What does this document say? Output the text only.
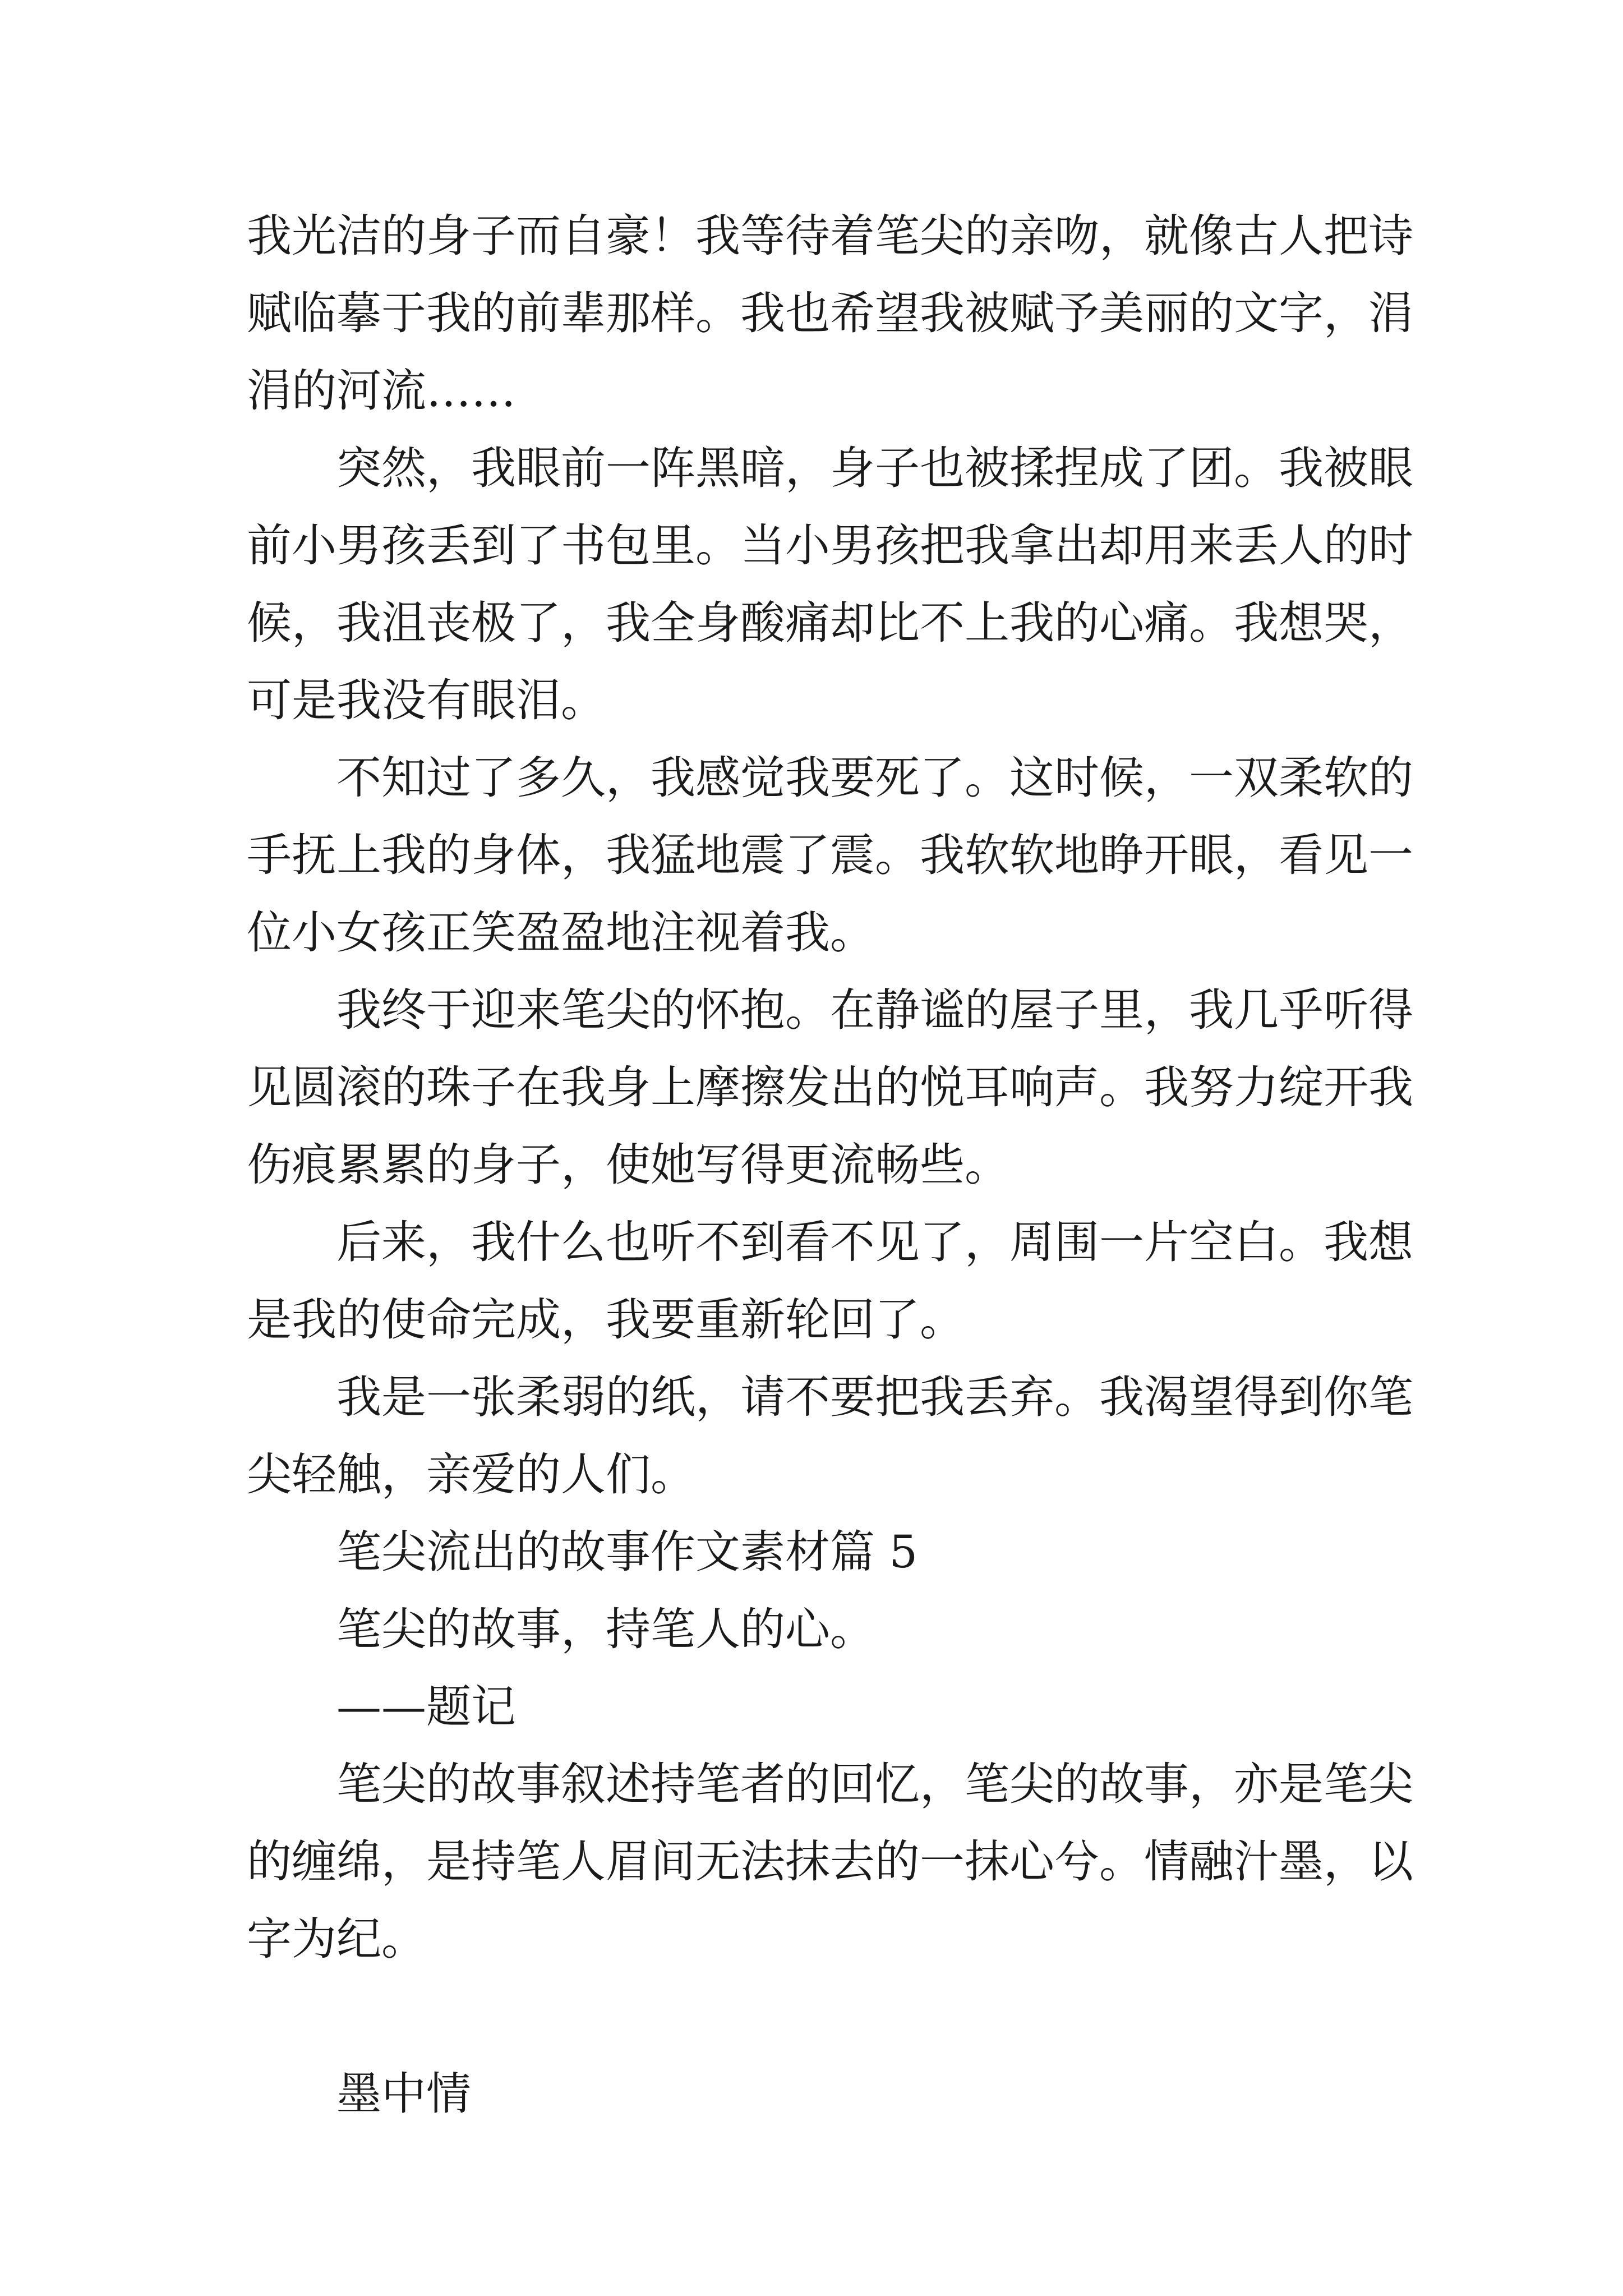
我光洁的身子而自豪！我等待着笔尖的亲吻，就像古人把诗
赋临摹于我的前辈那样。我也希望我被赋予美丽的文字，涓
涓的河流……
突然，我眼前一阵黑暗，身子也被揉捏成了团。我被眼
前小男孩丢到了书包里。当小男孩把我拿出却用来丢人的时
候，我沮丧极了，我全身酸痛却比不上我的心痛。我想哭，
可是我没有眼泪。
不知过了多久，我感觉我要死了。这时候，一双柔软的
手抚上我的身体，我猛地震了震。我软软地睁开眼，看见一
位小女孩正笑盈盈地注视着我。
我终于迎来笔尖的怀抱。在静谧的屋子里，我几乎听得
见圆滚的珠子在我身上摩擦发出的悦耳响声。我努力绽开我
伤痕累累的身子，使她写得更流畅些。
后来，我什么也听不到看不见了，周围一片空白。我想
是我的使命完成，我要重新轮回了。
我是一张柔弱的纸，请不要把我丢弃。我渴望得到你笔
尖轻触，亲爱的人们。
笔尖流出的故事作文素材篇 5
笔尖的故事，持笔人的心。
——题记
笔尖的故事叙述持笔者的回忆，笔尖的故事，亦是笔尖
的缠绵，是持笔人眉间无法抹去的一抹心兮。情融汁墨，以
字为纪。
墨中情
